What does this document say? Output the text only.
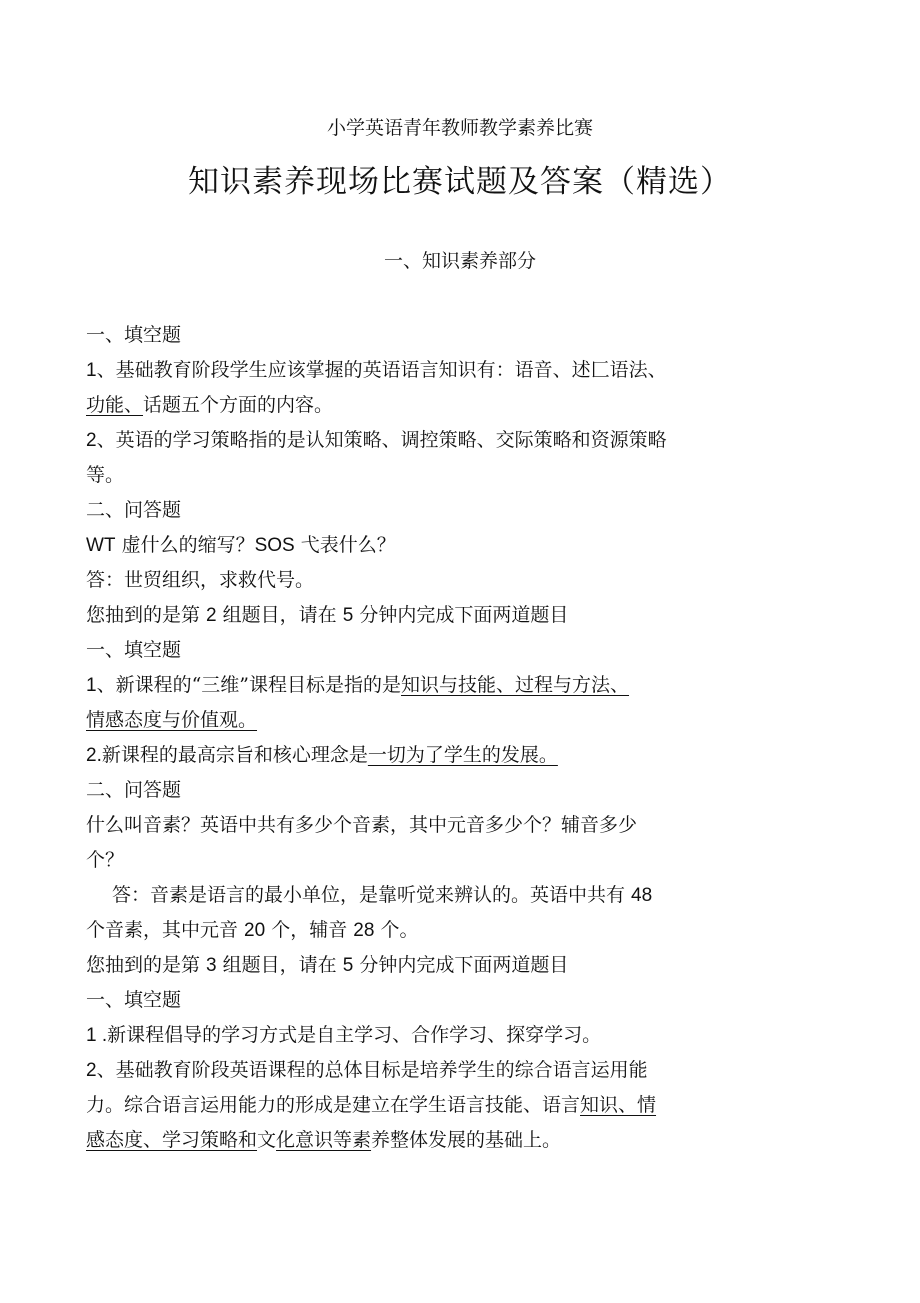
小学英语青年教师教学素养比赛
知识素养现场比赛试题及答案（精选）
一、知识素养部分
一、填空题
1、基础教育阶段学生应该掌握的英语语言知识有：语音、述匚语法、
功能、话题五个方面的内容。
2、英语的学习策略指的是认知策略、调控策略、交际策略和资源策略
等。
二、问答题
WT 虚什么的缩写？SOS 弋表什么？
答：世贸组织，求救代号。
您抽到的是第 2 组题目，请在 5 分钟内完成下面两道题目
一、填空题
1、新课程的“三维”课程目标是指的是知识与技能、过程与方法、
情感态度与价值观。
2.新课程的最高宗旨和核心理念是一切为了学生的发展。
二、问答题
什么叫音素？英语中共有多少个音素，其中元音多少个？辅音多少
个？
答：音素是语言的最小单位，是靠听觉来辨认的。英语中共有 48
个音素，其中元音 20 个，辅音 28 个。
您抽到的是第 3 组题目，请在 5 分钟内完成下面两道题目
一、填空题
1 .新课程倡导的学习方式是自主学习、合作学习、探穿学习。
2、基础教育阶段英语课程的总体目标是培养学生的综合语言运用能
力。综合语言运用能力的形成是建立在学生语言技能、语言知识、情
感态度、学习策略和文化意识等素养整体发展的基础上。
